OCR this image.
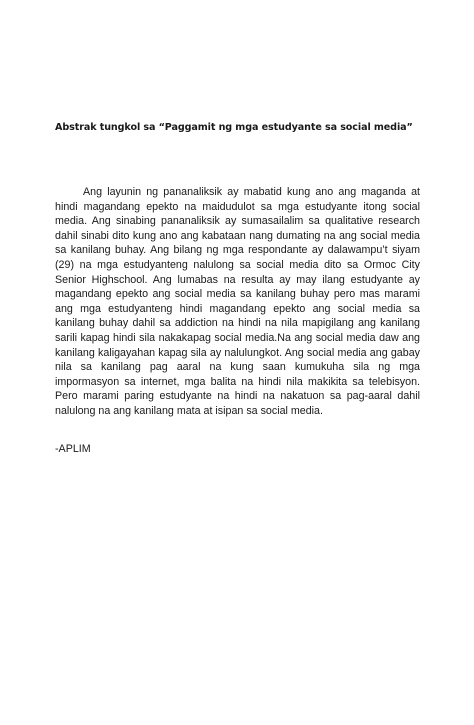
Abstrak tungkol sa “Paggamit ng mga estudyante sa social media”

Ang layunin ng pananaliksik ay mabatid kung ano ang maganda at hindi magandang epekto na maidudulot sa mga estudyante itong social media. Ang sinabing pananaliksik ay sumasailalim sa qualitative research dahil sinabi dito kung ano ang kabataan nang dumating na ang social media sa kanilang buhay. Ang bilang ng mga respondante ay dalawampu’t siyam (29) na mga estudyanteng nalulong sa social media dito sa Ormoc City Senior Highschool. Ang lumabas na resulta ay may ilang estudyante ay magandang epekto ang social media sa kanilang buhay pero mas marami ang mga estudyanteng hindi magandang epekto ang social media sa kanilang buhay dahil sa addiction na hindi na nila mapigilang ang kanilang sarili kapag hindi sila nakakapag social media.Na ang social media daw ang kanilang kaligayahan kapag sila ay nalulungkot. Ang social media ang gabay nila sa kanilang pag aaral na kung saan kumukuha sila ng mga impormasyon sa internet, mga balita na hindi nila makikita sa telebisyon. Pero marami paring estudyante na hindi na nakatuon sa pag-aaral dahil nalulong na ang kanilang mata at isipan sa social media.

-APLIM
